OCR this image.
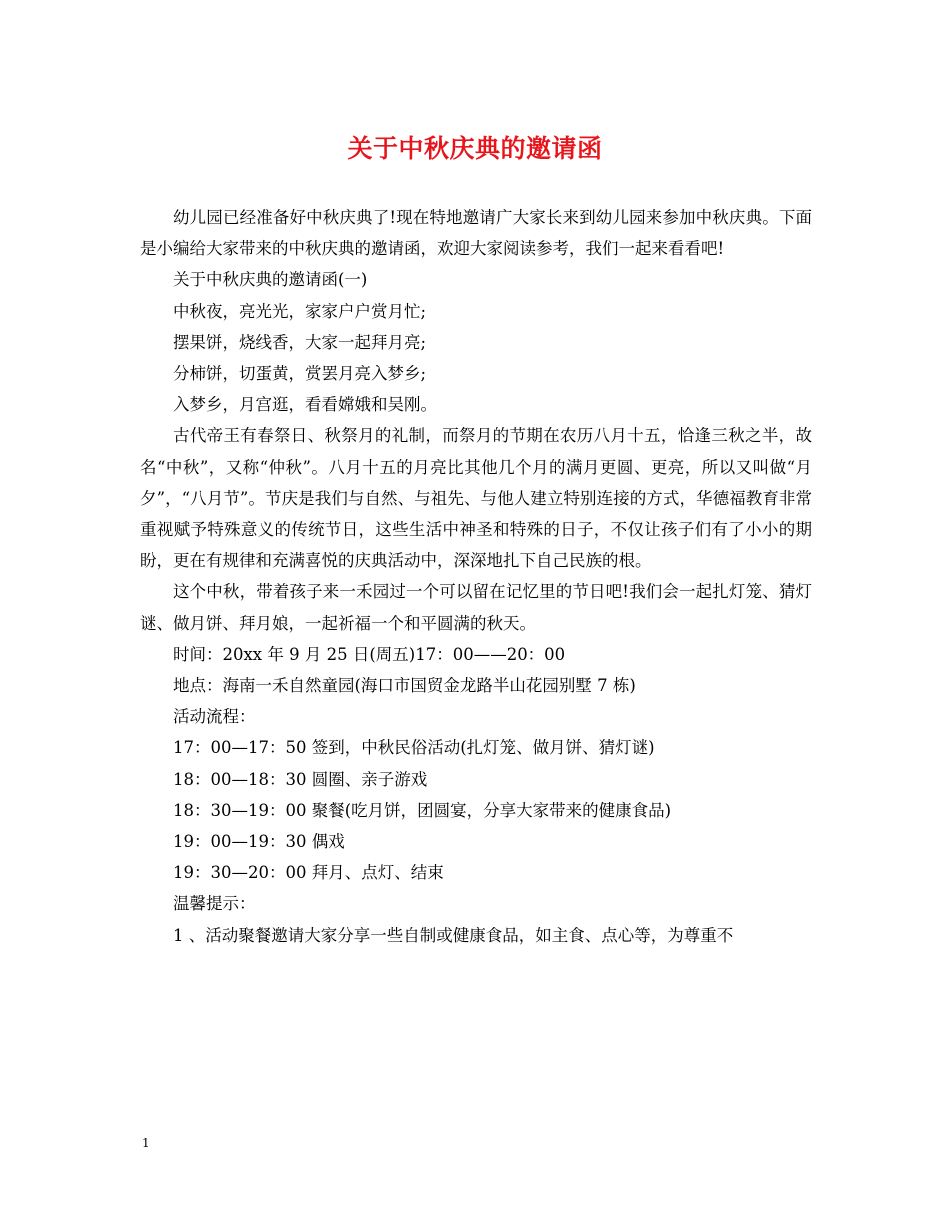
关于中秋庆典的邀请函

幼儿园已经准备好中秋庆典了!现在特地邀请广大家长来到幼儿园来参加中秋庆典。下面是小编给大家带来的中秋庆典的邀请函，欢迎大家阅读参考，我们一起来看看吧!

关于中秋庆典的邀请函(一)

中秋夜，亮光光，家家户户赏月忙;

摆果饼，烧线香，大家一起拜月亮;

分柿饼，切蛋黄，赏罢月亮入梦乡;

入梦乡，月宫逛，看看嫦娥和吴刚。

古代帝王有春祭日、秋祭月的礼制，而祭月的节期在农历八月十五，恰逢三秋之半，故名“中秋”，又称“仲秋”。八月十五的月亮比其他几个月的满月更圆、更亮，所以又叫做“月夕”，“八月节”。节庆是我们与自然、与祖先、与他人建立特别连接的方式，华德福教育非常重视赋予特殊意义的传统节日，这些生活中神圣和特殊的日子，不仅让孩子们有了小小的期盼，更在有规律和充满喜悦的庆典活动中，深深地扎下自己民族的根。

这个中秋，带着孩子来一禾园过一个可以留在记忆里的节日吧!我们会一起扎灯笼、猜灯谜、做月饼、拜月娘，一起祈福一个和平圆满的秋天。

时间：20xx 年 9 月 25 日(周五)17：00——20：00

地点：海南一禾自然童园(海口市国贸金龙路半山花园别墅 7 栋)

活动流程：

17：00—17：50 签到，中秋民俗活动(扎灯笼、做月饼、猜灯谜)

18：00—18：30 圆圈、亲子游戏

18：30—19：00 聚餐(吃月饼，团圆宴，分享大家带来的健康食品)

19：00—19：30 偶戏

19：30—20：00 拜月、点灯、结束

温馨提示：

1 、活动聚餐邀请大家分享一些自制或健康食品，如主食、点心等，为尊重不

1
